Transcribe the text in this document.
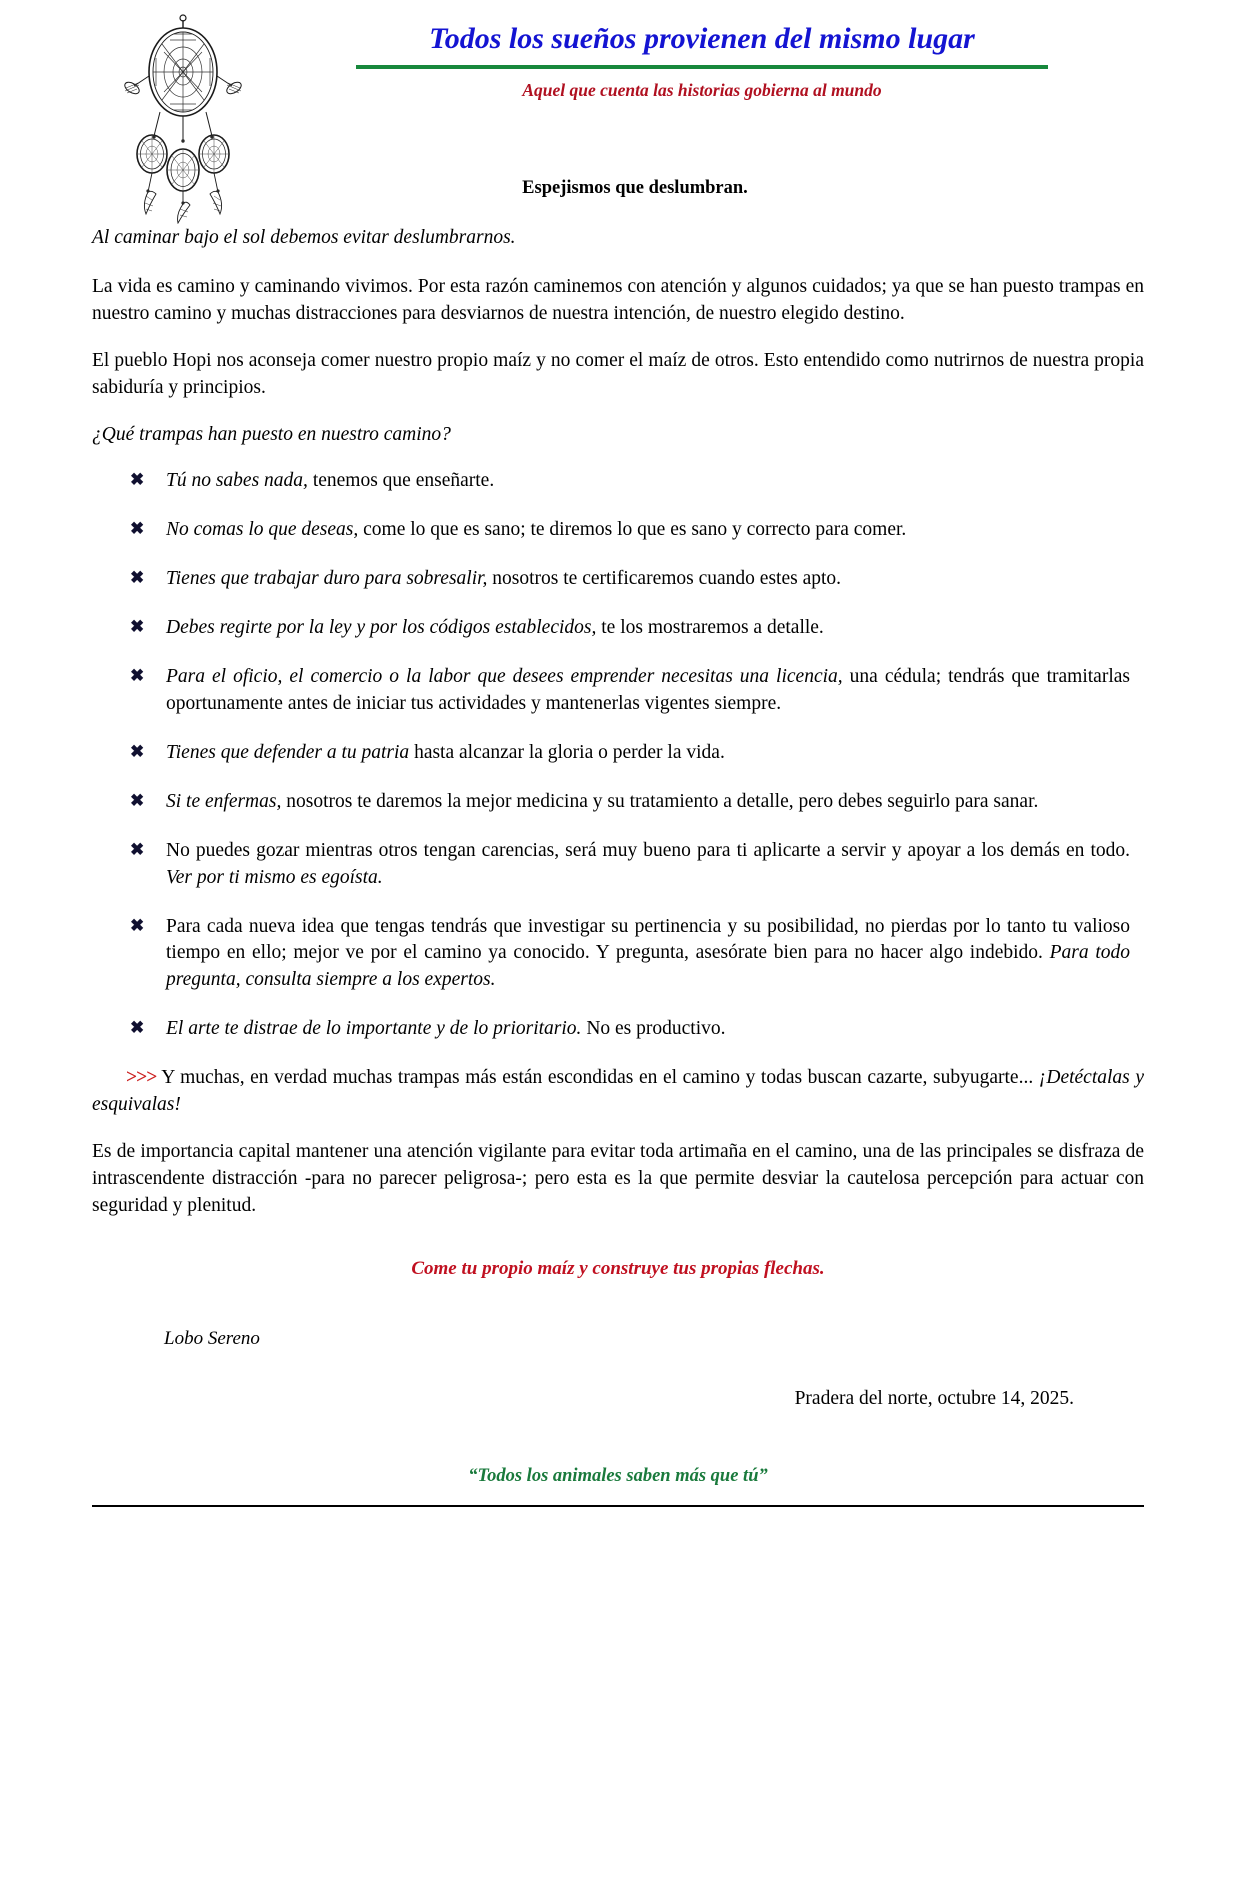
Todos los sueños provienen del mismo lugar
Aquel que cuenta las historias gobierna al mundo
Espejismos que deslumbran.

Al caminar bajo el sol debemos evitar deslumbrarnos.

La vida es camino y caminando vivimos. Por esta razón caminemos con atención y algunos cuidados; ya que se han puesto trampas en nuestro camino y muchas distracciones para desviarnos de nuestra intención, de nuestro elegido destino.

El pueblo Hopi nos aconseja comer nuestro propio maíz y no comer el maíz de otros. Esto entendido como nutrirnos de nuestra propia sabiduría y principios.

¿Qué trampas han puesto en nuestro camino?

✖ Tú no sabes nada, tenemos que enseñarte.
✖ No comas lo que deseas, come lo que es sano; te diremos lo que es sano y correcto para comer.
✖ Tienes que trabajar duro para sobresalir, nosotros te certificaremos cuando estes apto.
✖ Debes regirte por la ley y por los códigos establecidos, te los mostraremos a detalle.
✖ Para el oficio, el comercio o la labor que desees emprender necesitas una licencia, una cédula; tendrás que tramitarlas oportunamente antes de iniciar tus actividades y mantenerlas vigentes siempre.
✖ Tienes que defender a tu patria hasta alcanzar la gloria o perder la vida.
✖ Si te enfermas, nosotros te daremos la mejor medicina y su tratamiento a detalle, pero debes seguirlo para sanar.
✖ No puedes gozar mientras otros tengan carencias, será muy bueno para ti aplicarte a servir y apoyar a los demás en todo. Ver por ti mismo es egoísta.
✖ Para cada nueva idea que tengas tendrás que investigar su pertinencia y su posibilidad, no pierdas por lo tanto tu valioso tiempo en ello; mejor ve por el camino ya conocido. Y pregunta, asesórate bien para no hacer algo indebido. Para todo pregunta, consulta siempre a los expertos.
✖ El arte te distrae de lo importante y de lo prioritario. No es productivo.

>>> Y muchas, en verdad muchas trampas más están escondidas en el camino y todas buscan cazarte, subyugarte... ¡Detéctalas y esquivalas!

Es de importancia capital mantener una atención vigilante para evitar toda artimaña en el camino, una de las principales se disfraza de intrascendente distracción -para no parecer peligrosa-; pero esta es la que permite desviar la cautelosa percepción para actuar con seguridad y plenitud.

Come tu propio maíz y construye tus propias flechas.
Lobo Sereno
Pradera del norte, octubre 14, 2025.
“Todos los animales saben más que tú”
